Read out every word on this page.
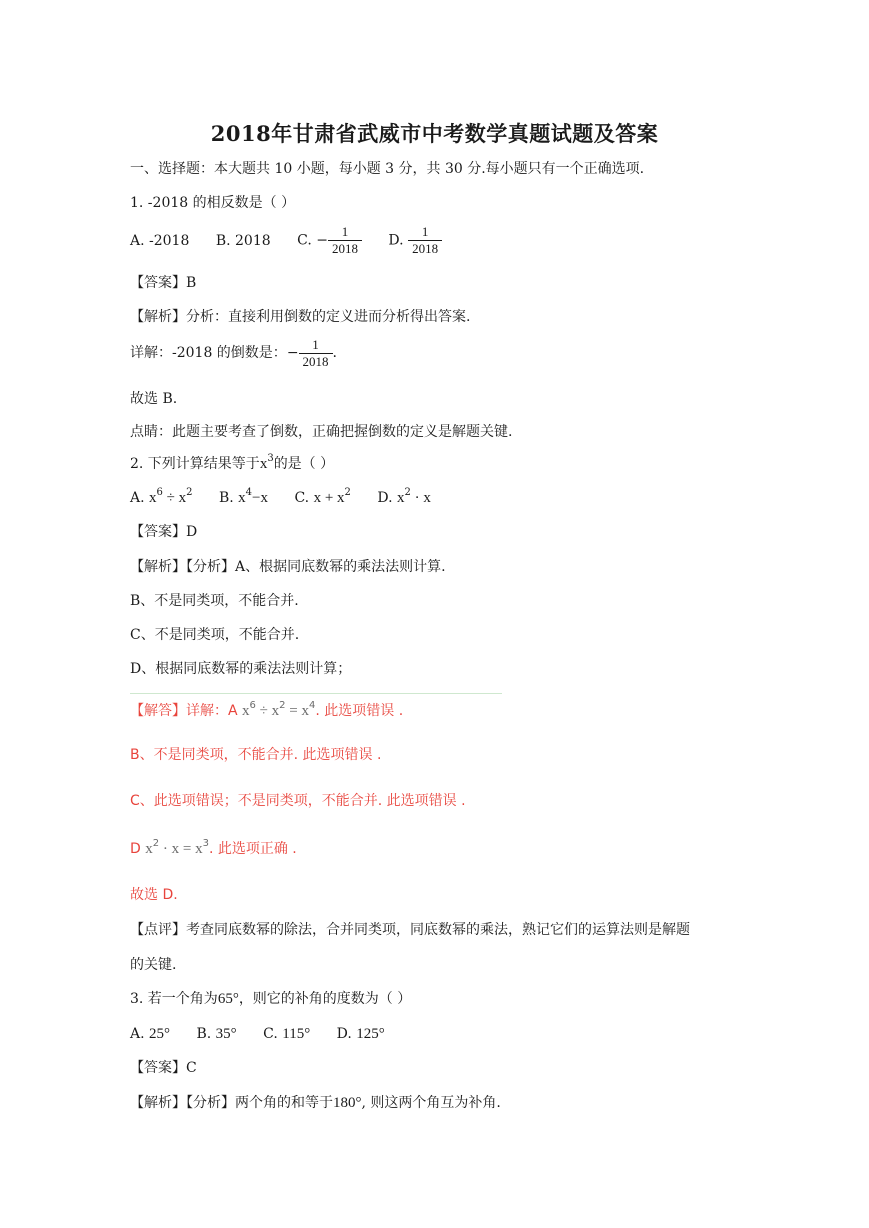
2018年甘肃省武威市中考数学真题试题及答案
一、选择题：本大题共 10 小题，每小题 3 分，共 30 分.每小题只有一个正确选项.
1. -2018 的相反数是（ ）
A. -2018 B. 2018 C. − $\frac{1}{2018} D$. $\frac{1}{2018}$
【答案】B
【解析】分析：直接利用倒数的定义进而分析得出答案.
详解：-2018 的倒数是：− $\frac{1}{2018}$ .
故选 B.
点睛：此题主要考查了倒数，正确把握倒数的定义是解题关键.
2. 下列计算结果等于$x^3$的是（ ）
A. $x^6 \div x^2$ B. $x^4-x$ C. $x + x^2$ D. $x^2 \cdot x$
【答案】D
【解析】【分析】A、根据同底数幂的乘法法则计算.
B、不是同类项，不能合并.
C、不是同类项，不能合并.
D、根据同底数幂的乘法法则计算；
【解答】详解：A $x^6 \div x^2 = x^4$. 此选项错误 .
B、不是同类项，不能合并. 此选项错误 .
C、此选项错误；不是同类项，不能合并. 此选项错误 .
D $x^2 \cdot x = x^3$. 此选项正确 .
故选 D.
【点评】考查同底数幂的除法，合并同类项，同底数幂的乘法，熟记它们的运算法则是解题
的关键.
3. 若一个角为65°，则它的补角的度数为（ ）
A. 25° B. 35° C. 115° D. 125°
【答案】C
【解析】【分析】两个角的和等于180°, 则这两个角互为补角.
